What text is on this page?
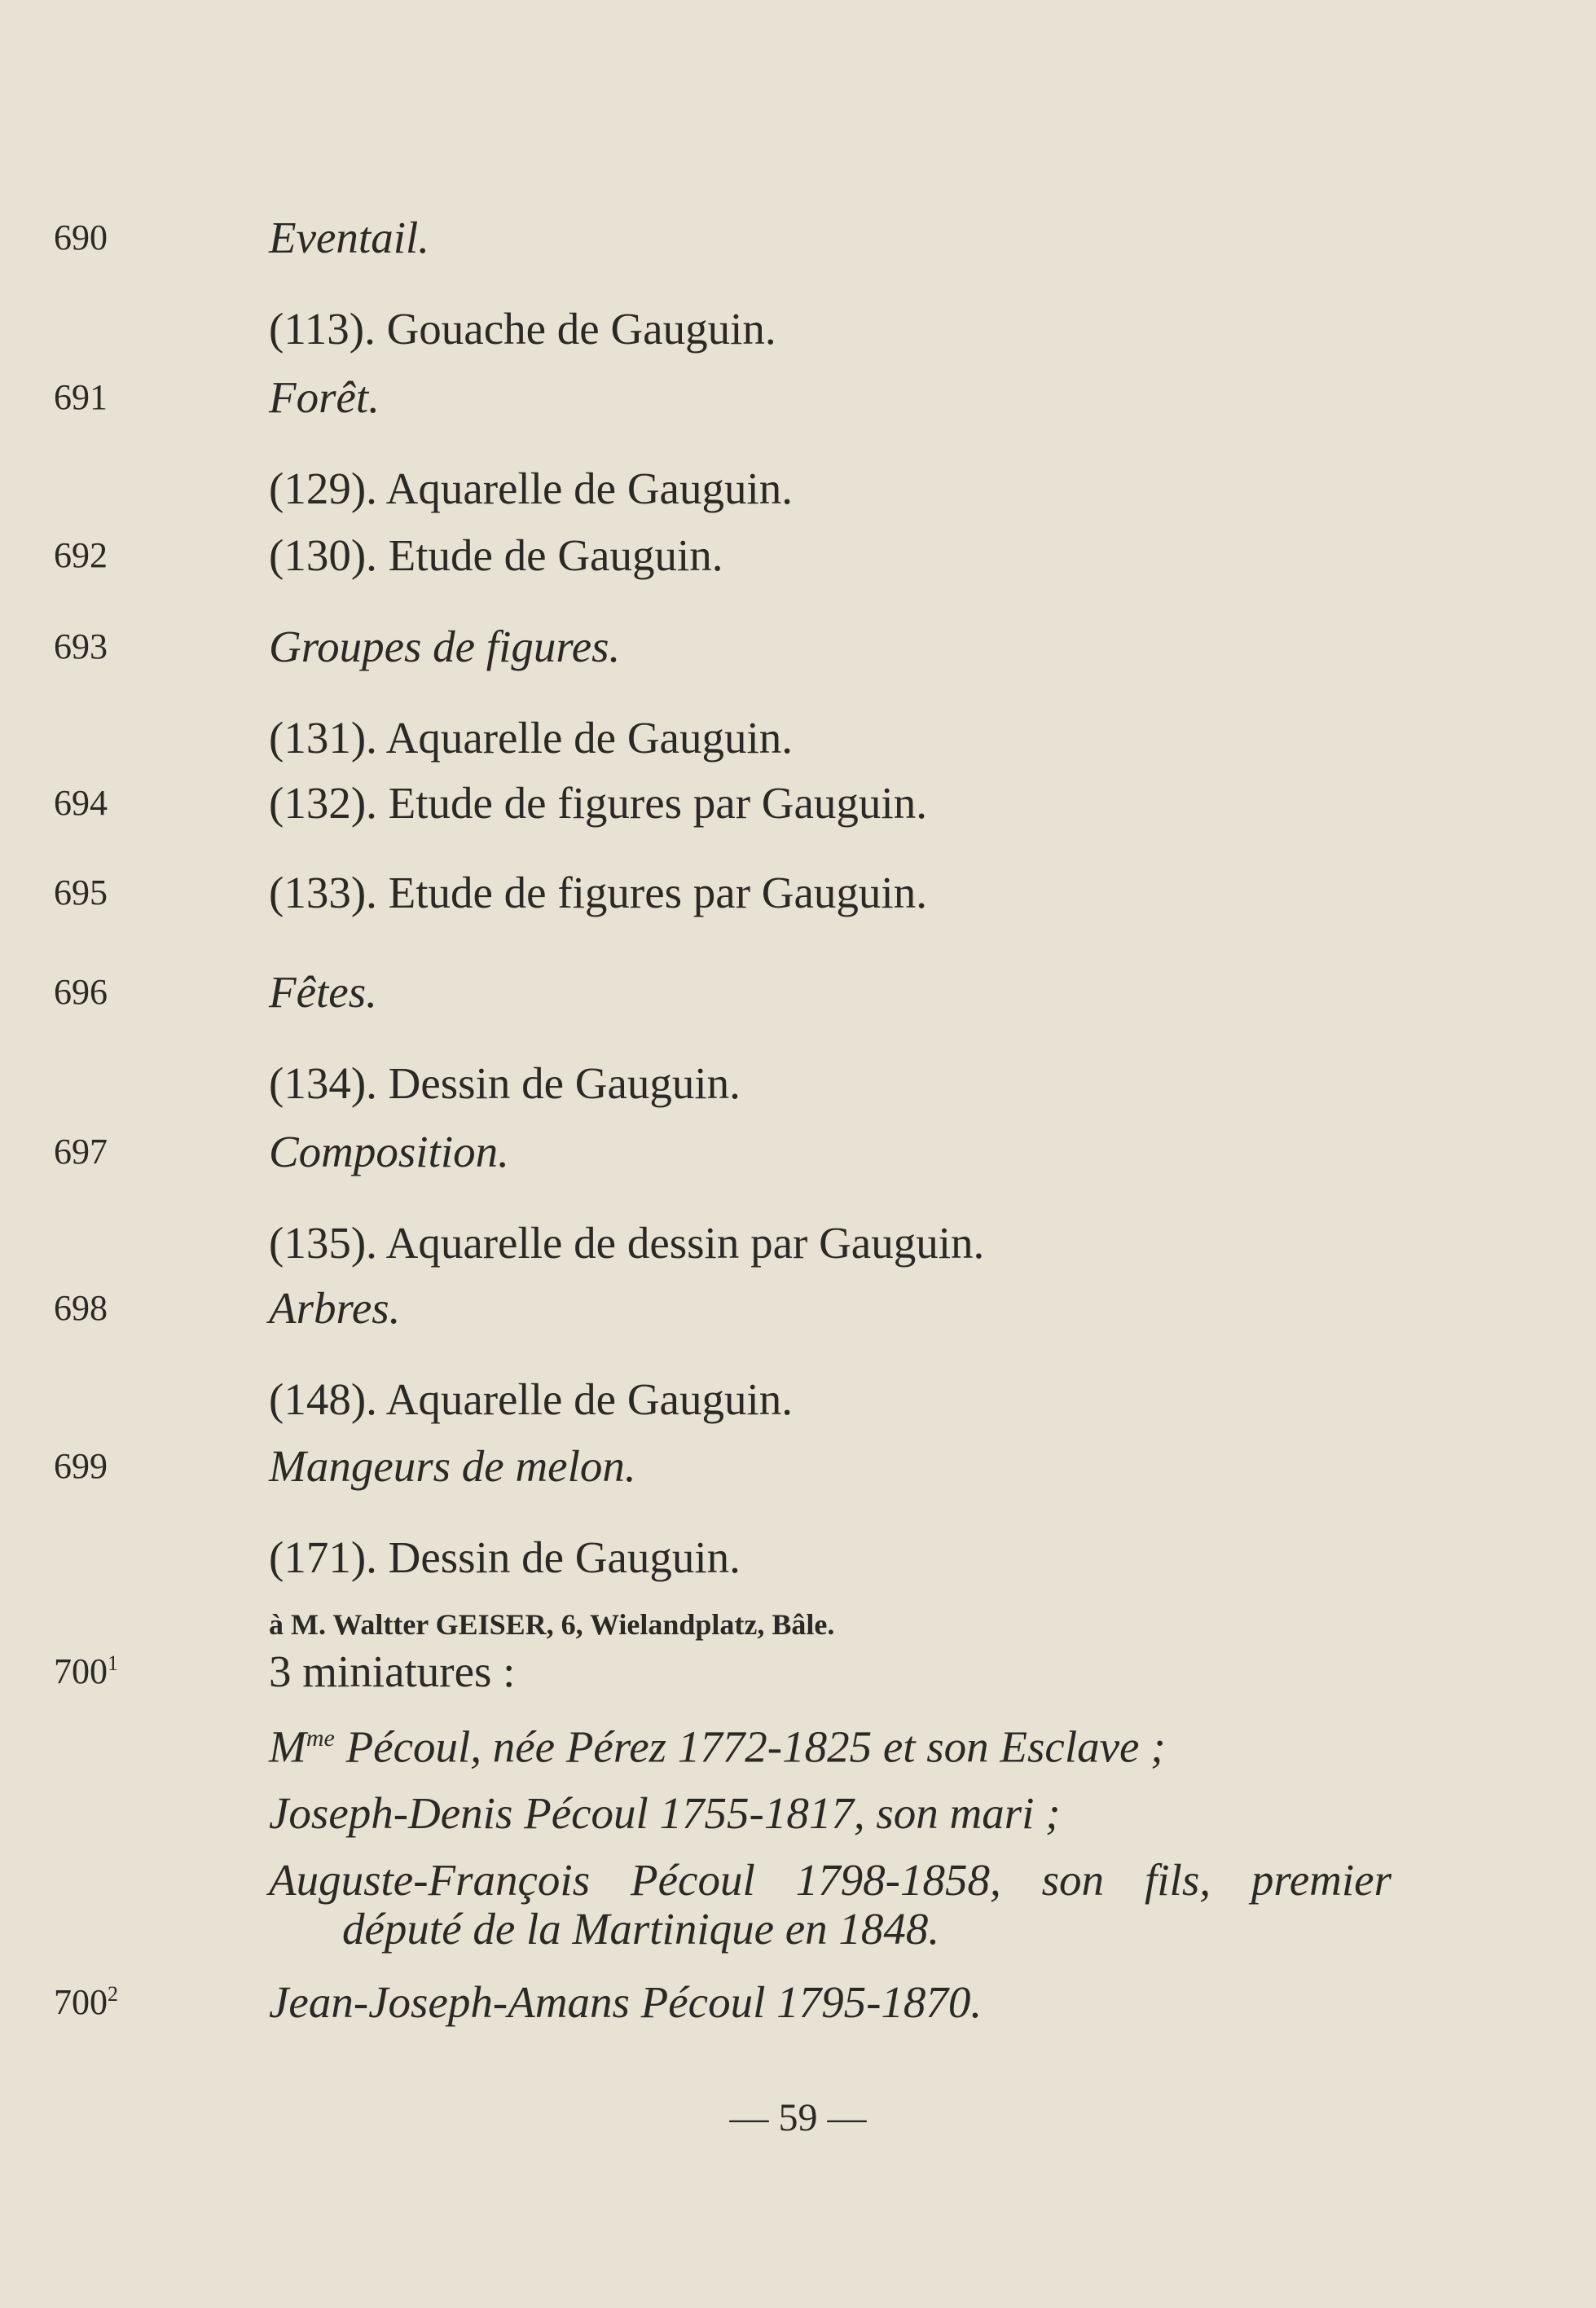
690	Eventail.
(113). Gouache de Gauguin.
691	Forêt.
(129). Aquarelle de Gauguin.
692	(130). Etude de Gauguin.
693	Groupes de figures.
(131). Aquarelle de Gauguin.
694	(132). Etude de figures par Gauguin.
695	(133). Etude de figures par Gauguin.
696	Fêtes.
(134). Dessin de Gauguin.
697	Composition.
(135). Aquarelle de dessin par Gauguin.
698	Arbres.
(148). Aquarelle de Gauguin.
699	Mangeurs de melon.
(171). Dessin de Gauguin.
à M. Waltter GEISER, 6, Wielandplatz, Bâle.
$700^1$	3 miniatures :
$M^{me}$ Pécoul, née Pérez 1772-1825 et son Esclave ;
Joseph-Denis Pécoul 1755-1817, son mari ;
Auguste-François Pécoul 1798-1858, son fils, premier
député de la Martinique en 1848.
$700^2$	Jean-Joseph-Amans Pécoul 1795-1870.
— 59 —
